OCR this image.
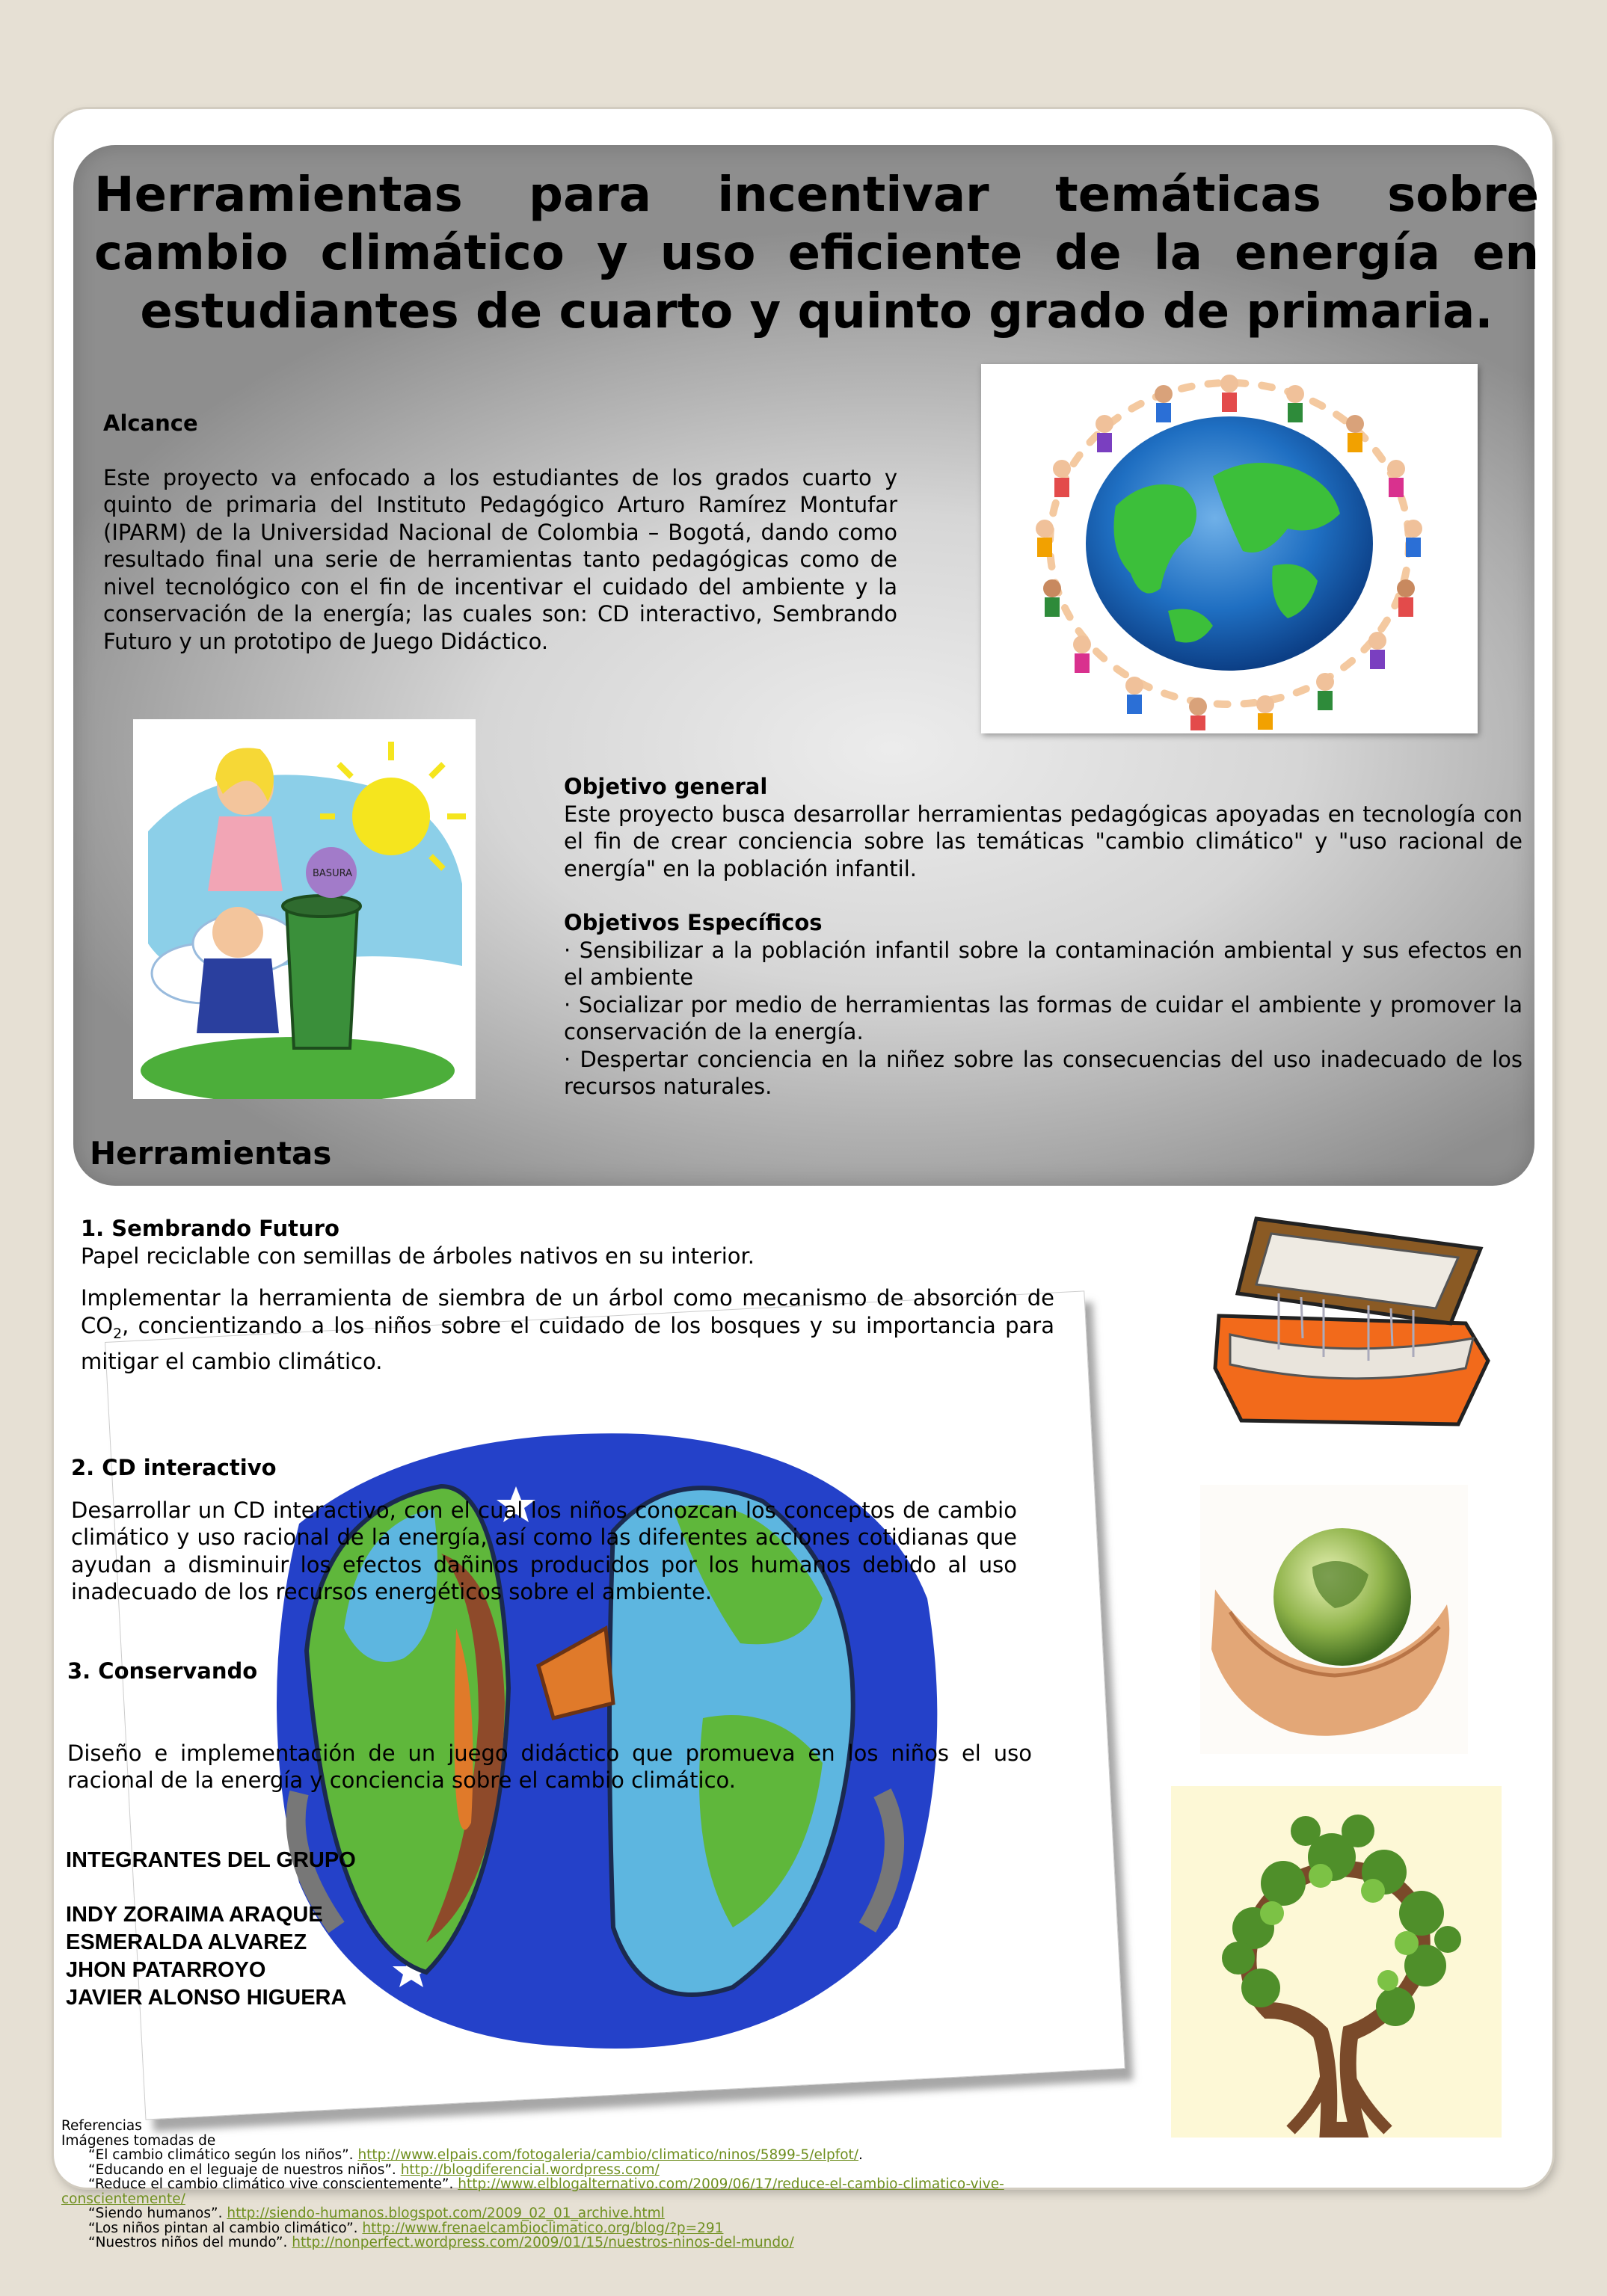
Herramientas para incentivar temáticas sobre cambio climático y uso eficiente de la energía en estudiantes de cuarto y quinto grado de primaria.
Alcance
Este proyecto va enfocado a los estudiantes de los grados cuarto y quinto de primaria del Instituto Pedagógico Arturo Ramírez Montufar (IPARM) de la Universidad Nacional de Colombia – Bogotá, dando como resultado final una serie de herramientas tanto pedagógicas como de nivel tecnológico con el fin de incentivar el cuidado del ambiente y la conservación de la energía; las cuales son: CD interactivo, Sembrando Futuro y un prototipo de Juego Didáctico.
BASURA
Objetivo general
Este proyecto busca desarrollar herramientas pedagógicas apoyadas en tecnología con el fin de crear conciencia sobre las temáticas "cambio climático" y "uso racional de energía" en la población infantil.
Objetivos Específicos
· Sensibilizar a la población infantil sobre la contaminación ambiental y sus efectos en el ambiente
· Socializar por medio de herramientas las formas de cuidar el ambiente y promover la conservación de la energía.
· Despertar conciencia en la niñez sobre las consecuencias del uso inadecuado de los recursos naturales.
Herramientas
1. Sembrando Futuro
Papel reciclable con semillas de árboles nativos en su interior.
Implementar la herramienta de siembra de un árbol como mecanismo de absorción de $CO_2$, concientizando a los niños sobre el cuidado de los bosques y su importancia para mitigar el cambio climático.
2. CD interactivo
Desarrollar un CD interactivo, con el cual los niños conozcan los conceptos de cambio climático y uso racional de la energía, así como las diferentes acciones cotidianas que ayudan a disminuir los efectos dañinos producidos por los humanos debido al uso inadecuado de los recursos energéticos sobre el ambiente.
3. Conservando
Diseño e implementación de un juego didáctico que promueva en los niños el uso racional de la energía y conciencia sobre el cambio climático.
INTEGRANTES DEL GRUPO
INDY ZORAIMA ARAQUE
ESMERALDA ALVAREZ
JHON PATARROYO
JAVIER ALONSO HIGUERA
Referencias
Imágenes tomadas de
“El cambio climático según los niños”. http://www.elpais.com/fotogaleria/cambio/climatico/ninos/5899-5/elpfot/.
“Educando en el leguaje de nuestros niños”. http://blogdiferencial.wordpress.com/
“Reduce el cambio climático vive conscientemente”. http://www.elblogalternativo.com/2009/06/17/reduce-el-cambio-climatico-vive-conscientemente/
“Siendo humanos”. http://siendo-humanos.blogspot.com/2009_02_01_archive.html
“Los niños pintan al cambio climático”. http://www.frenaelcambioclimatico.org/blog/?p=291
“Nuestros niños del mundo”. http://nonperfect.wordpress.com/2009/01/15/nuestros-ninos-del-mundo/
